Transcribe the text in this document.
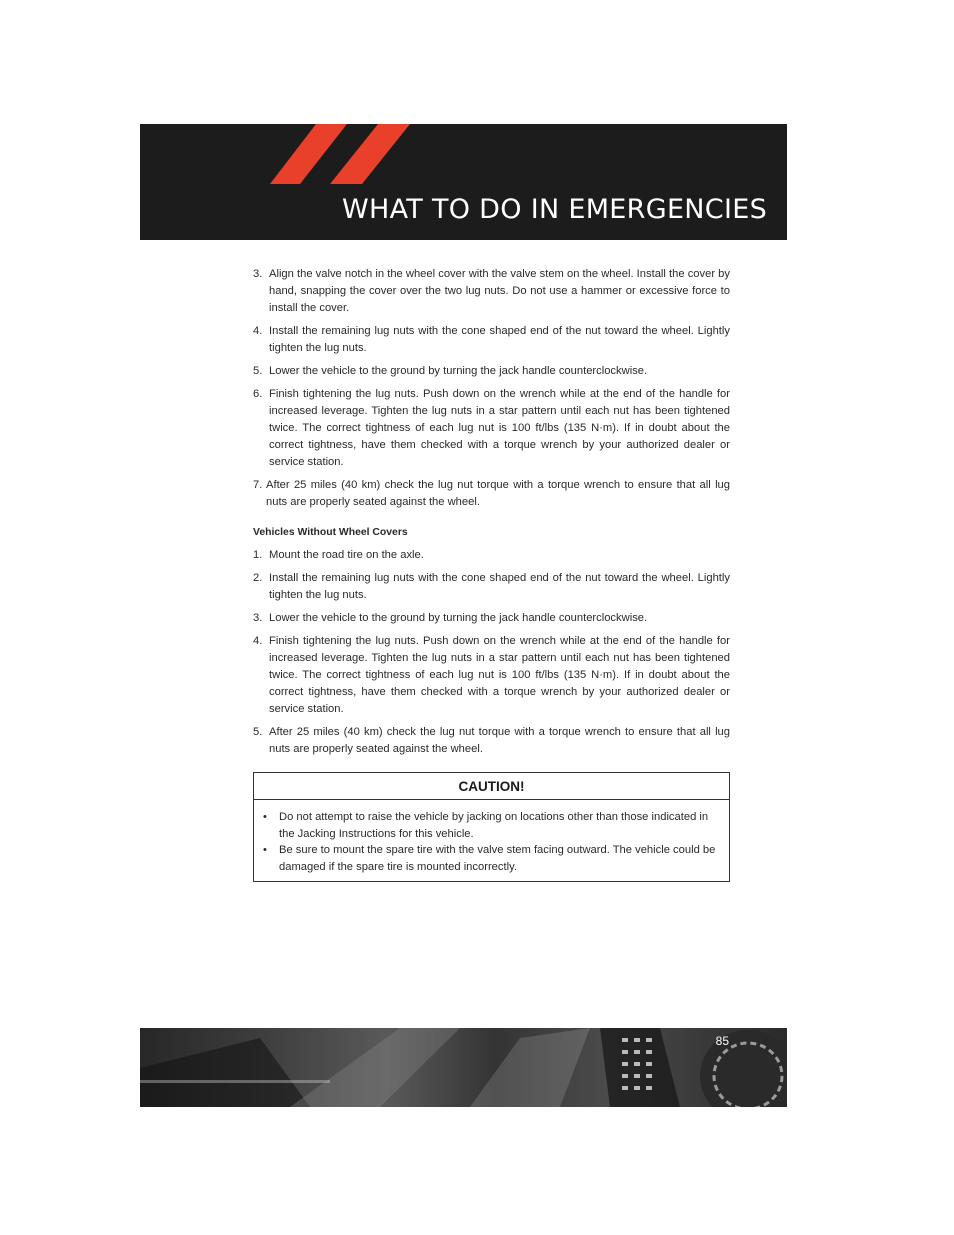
WHAT TO DO IN EMERGENCIES
3. Align the valve notch in the wheel cover with the valve stem on the wheel. Install the cover by hand, snapping the cover over the two lug nuts. Do not use a hammer or excessive force to install the cover.
4. Install the remaining lug nuts with the cone shaped end of the nut toward the wheel. Lightly tighten the lug nuts.
5. Lower the vehicle to the ground by turning the jack handle counterclockwise.
6. Finish tightening the lug nuts. Push down on the wrench while at the end of the handle for increased leverage. Tighten the lug nuts in a star pattern until each nut has been tightened twice. The correct tightness of each lug nut is 100 ft/lbs (135 N·m). If in doubt about the correct tightness, have them checked with a torque wrench by your authorized dealer or service station.
7. After 25 miles (40 km) check the lug nut torque with a torque wrench to ensure that all lug nuts are properly seated against the wheel.
Vehicles Without Wheel Covers
1. Mount the road tire on the axle.
2. Install the remaining lug nuts with the cone shaped end of the nut toward the wheel. Lightly tighten the lug nuts.
3. Lower the vehicle to the ground by turning the jack handle counterclockwise.
4. Finish tightening the lug nuts. Push down on the wrench while at the end of the handle for increased leverage. Tighten the lug nuts in a star pattern until each nut has been tightened twice. The correct tightness of each lug nut is 100 ft/lbs (135 N·m). If in doubt about the correct tightness, have them checked with a torque wrench by your authorized dealer or service station.
5. After 25 miles (40 km) check the lug nut torque with a torque wrench to ensure that all lug nuts are properly seated against the wheel.
CAUTION!
• Do not attempt to raise the vehicle by jacking on locations other than those indicated in the Jacking Instructions for this vehicle.
• Be sure to mount the spare tire with the valve stem facing outward. The vehicle could be damaged if the spare tire is mounted incorrectly.
85
